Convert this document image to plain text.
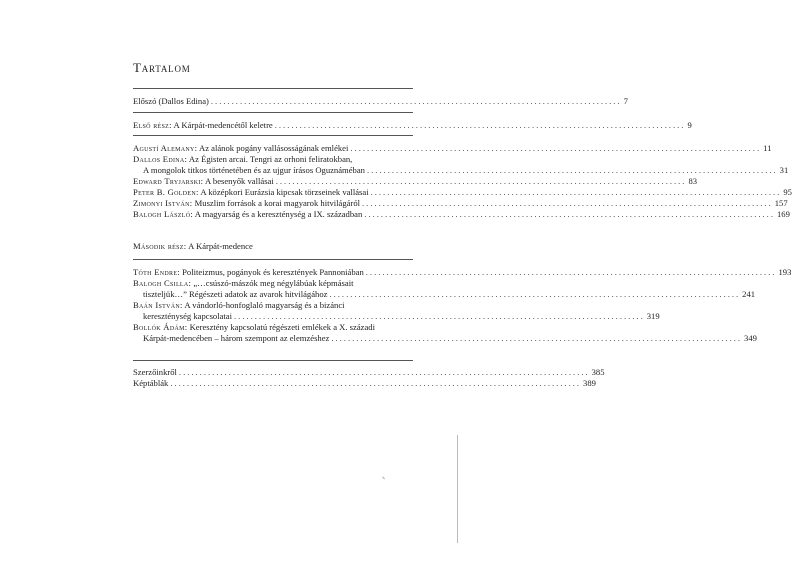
Tartalom
Előszó (Dallos Edina) ................................................................................................... 7
Első rész: A Kárpát-medencétől keletre ................................................................................................... 9
Agustí Alemany: Az alánok pogány vallásosságának emlékei ................................................................................................... 11
Dallos Edina: Az Égisten arcai. Tengri az orhoni feliratokban,
A mongolok titkos történetében és az ujgur írásos Oguznáméban ................................................................................................... 31
Edward Tryjarski: A besenyők vallásai ................................................................................................... 83
Peter B. Golden: A középkori Eurázsia kipcsak törzseinek vallásai ................................................................................................... 95
Zimonyi István: Muszlim források a korai magyarok hitvilágáról ................................................................................................... 157
Balogh László: A magyarság és a kereszténység a IX. században ................................................................................................... 169
Második rész: A Kárpát-medence
Tóth Endre: Politeizmus, pogányok és keresztények Pannoniában ................................................................................................... 193
Balogh Csilla: „…csúszó-mászók meg négylábúak képmásait
tiszteljük…” Régészeti adatok az avarok hitvilágához ................................................................................................... 241
Baán István: A vándorló-honfoglaló magyarság és a bizánci
kereszténység kapcsolatai ................................................................................................... 319
Bollók Ádám: Keresztény kapcsolatú régészeti emlékek a X. századi
Kárpát-medencében – három szempont az elemzéshez ................................................................................................... 349
Szerzőinkről ................................................................................................... 385
Képtáblák ................................................................................................... 389
